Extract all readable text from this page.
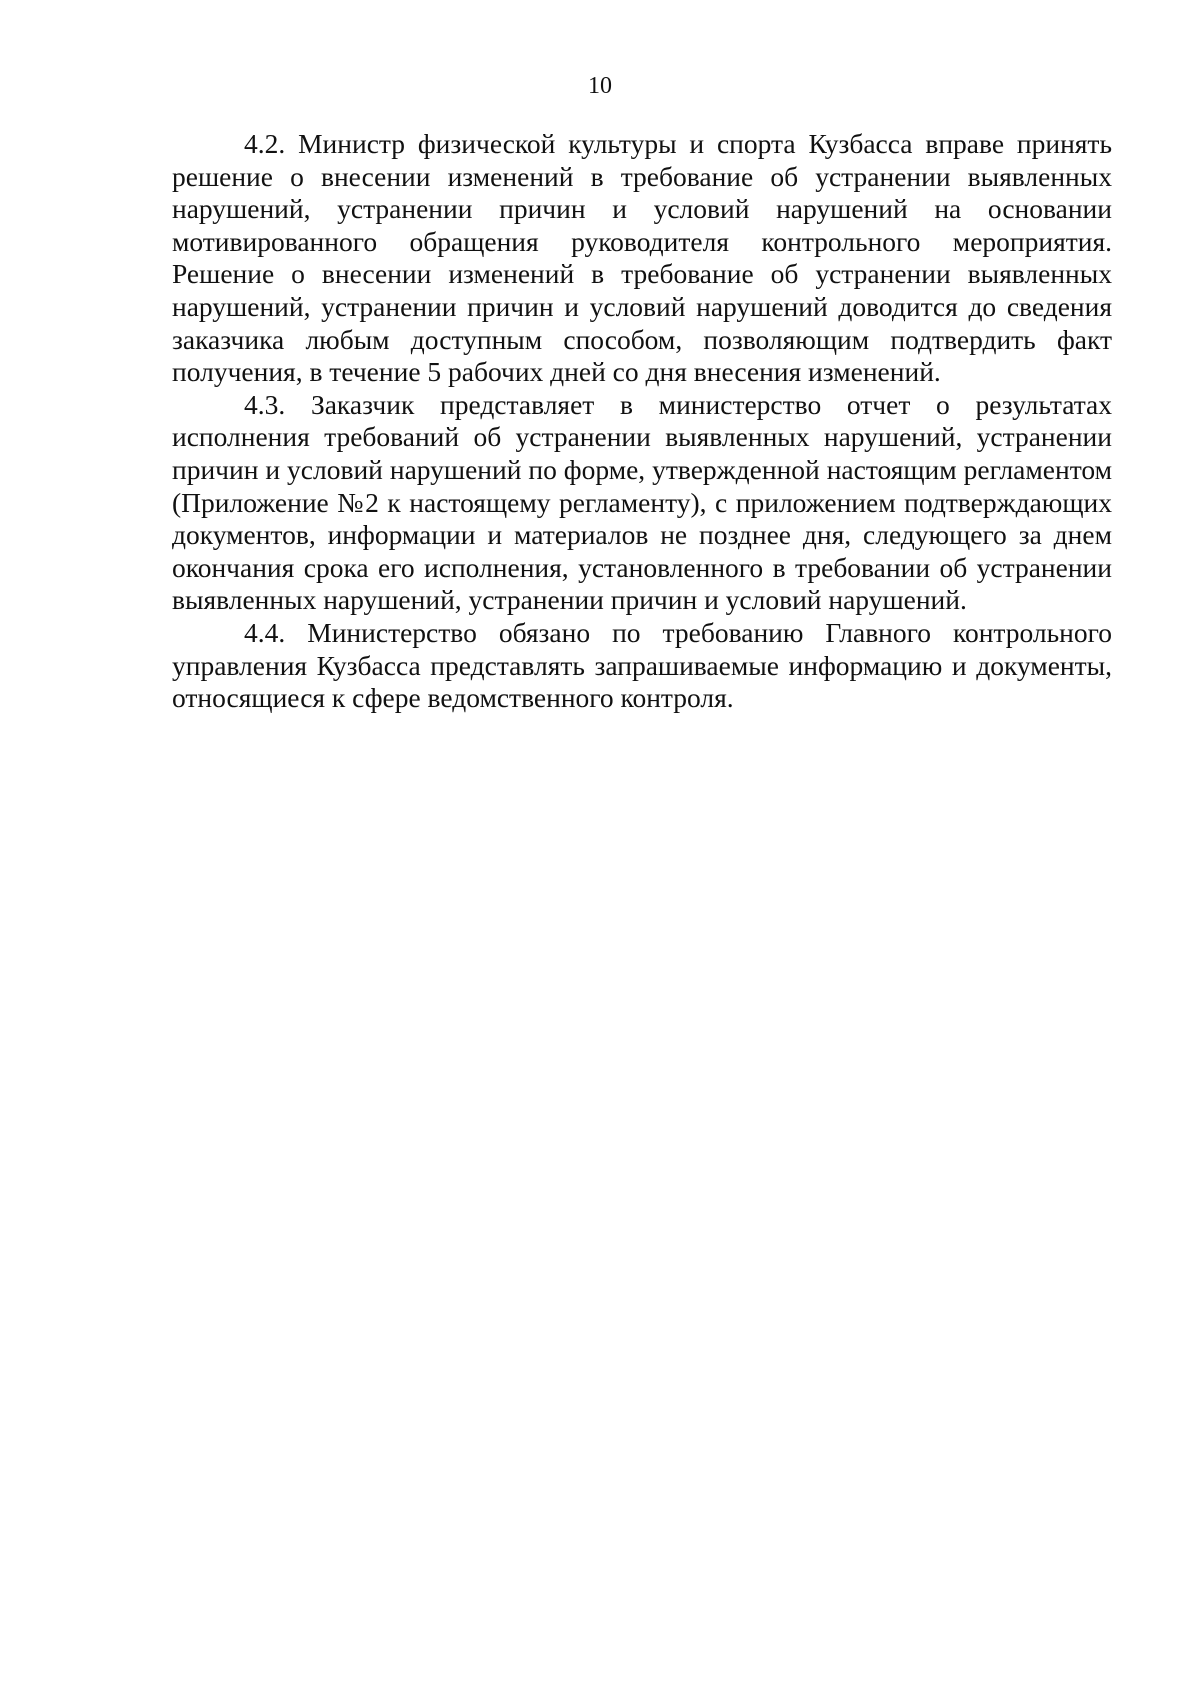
10

4.2. Министр физической культуры и спорта Кузбасса вправе принять решение о внесении изменений в требование об устранении выявленных нарушений, устранении причин и условий нарушений на основании мотивированного обращения руководителя контрольного мероприятия. Решение о внесении изменений в требование об устранении выявленных нарушений, устранении причин и условий нарушений доводится до сведения заказчика любым доступным способом, позволяющим подтвердить факт получения, в течение 5 рабочих дней со дня внесения изменений.

4.3. Заказчик представляет в министерство отчет о результатах исполнения требований об устранении выявленных нарушений, устранении причин и условий нарушений по форме, утвержденной настоящим регламентом (Приложение №2 к настоящему регламенту), с приложением подтверждающих документов, информации и материалов не позднее дня, следующего за днем окончания срока его исполнения, установленного в требовании об устранении выявленных нарушений, устранении причин и условий нарушений.

4.4. Министерство обязано по требованию Главного контрольного управления Кузбасса представлять запрашиваемые информацию и документы, относящиеся к сфере ведомственного контроля.
